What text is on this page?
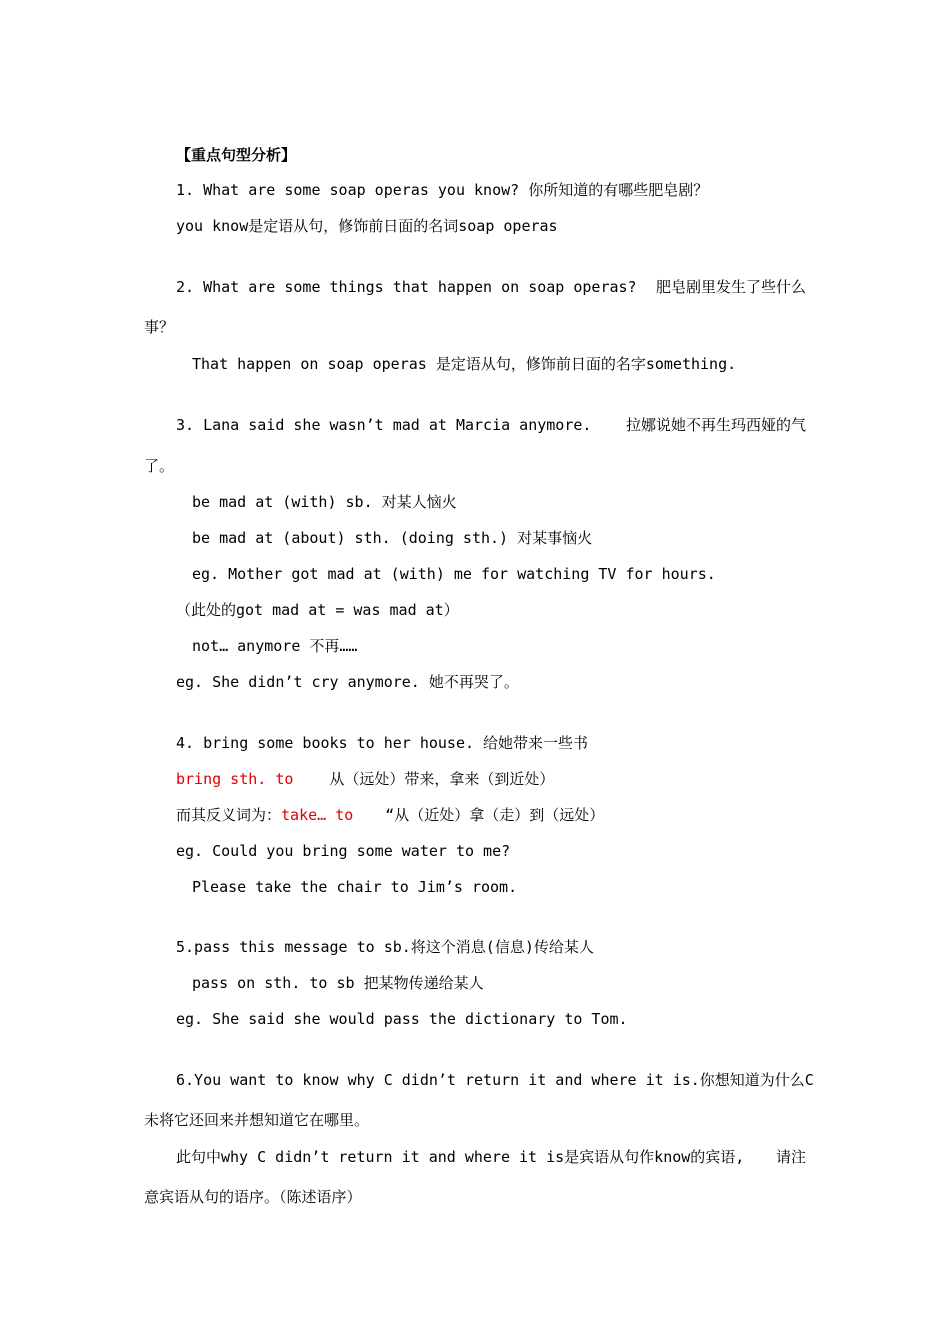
【重点句型分析】
1. What are some soap operas you know? 你所知道的有哪些肥皂剧？
you know是定语从句，修饰前日面的名词soap operas
2. What are some things that happen on soap operas? 肥皂剧里发生了些什么
事？
That happen on soap operas 是定语从句，修饰前日面的名字something.
3. Lana said she wasn’t mad at Marcia anymore. 拉娜说她不再生玛西娅的气
了。
be mad at (with) sb. 对某人恼火
be mad at (about) sth. (doing sth.) 对某事恼火
eg. Mother got mad at (with) me for watching TV for hours.
（此处的got mad at = was mad at）
not… anymore 不再……
eg. She didn’t cry anymore. 她不再哭了。
4. bring some books to her house. 给她带来一些书
bring sth. to 从（远处）带来，拿来（到近处）
而其反义词为：take… to “从（近处）拿（走）到（远处）
eg. Could you bring some water to me?
Please take the chair to Jim’s room.
5.pass this message to sb.将这个消息(信息)传给某人
pass on sth. to sb 把某物传递给某人
eg. She said she would pass the dictionary to Tom.
6.You want to know why C didn’t return it and where it is. 你想知道为什么C
未将它还回来并想知道它在哪里。
此句中why C didn’t return it and where it is是宾语从句作know的宾语, 请注
意宾语从句的语序。（陈述语序）
